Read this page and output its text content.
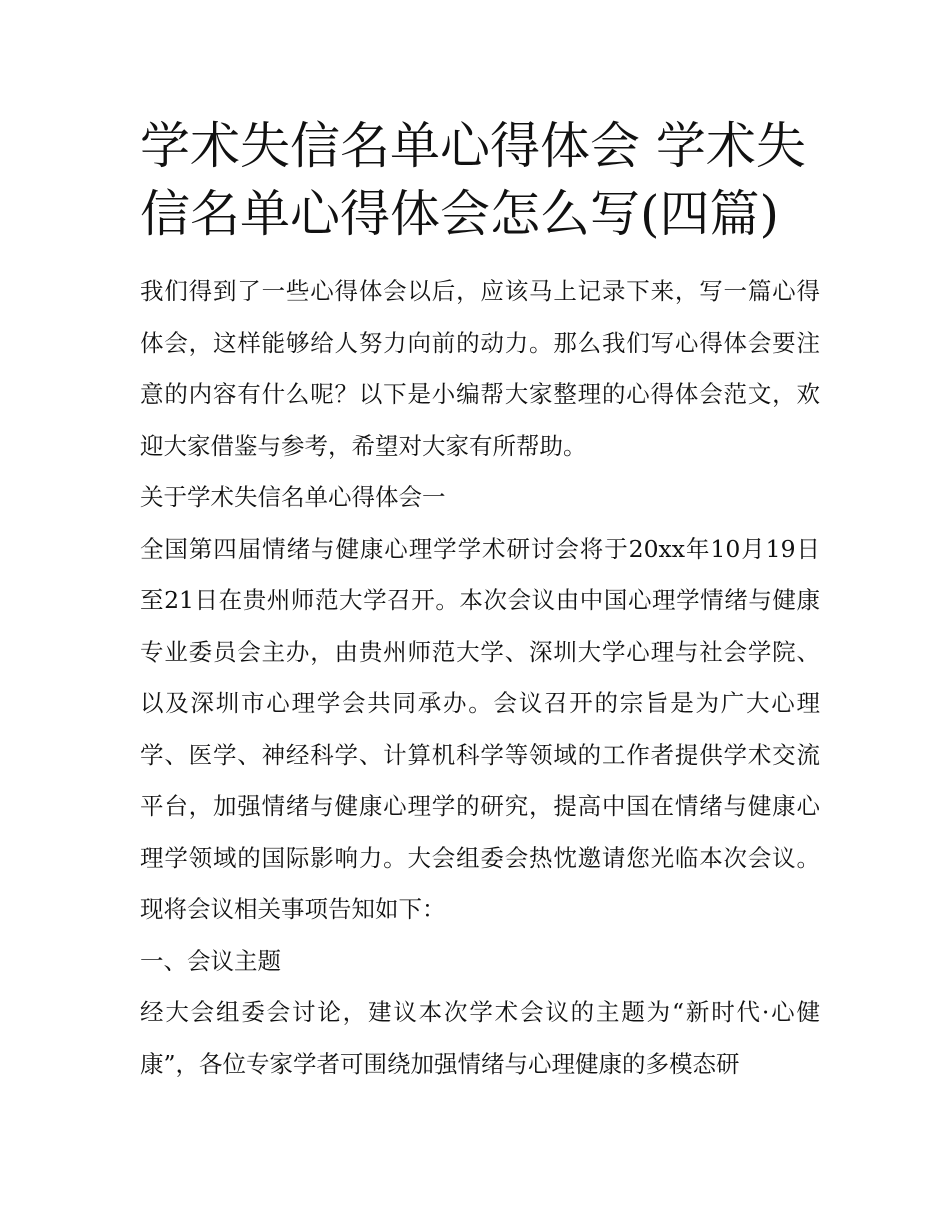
学术失信名单心得体会 学术失信名单心得体会怎么写(四篇)

我们得到了一些心得体会以后，应该马上记录下来，写一篇心得体会，这样能够给人努力向前的动力。那么我们写心得体会要注意的内容有什么呢？以下是小编帮大家整理的心得体会范文，欢迎大家借鉴与参考，希望对大家有所帮助。

关于学术失信名单心得体会一

全国第四届情绪与健康心理学学术研讨会将于20xx年10月19日至21日在贵州师范大学召开。本次会议由中国心理学情绪与健康专业委员会主办，由贵州师范大学、深圳大学心理与社会学院、以及深圳市心理学会共同承办。会议召开的宗旨是为广大心理学、医学、神经科学、计算机科学等领域的工作者提供学术交流平台，加强情绪与健康心理学的研究，提高中国在情绪与健康心理学领域的国际影响力。大会组委会热忱邀请您光临本次会议。现将会议相关事项告知如下：

一、会议主题

经大会组委会讨论，建议本次学术会议的主题为“新时代·心健康”，各位专家学者可围绕加强情绪与心理健康的多模态研
